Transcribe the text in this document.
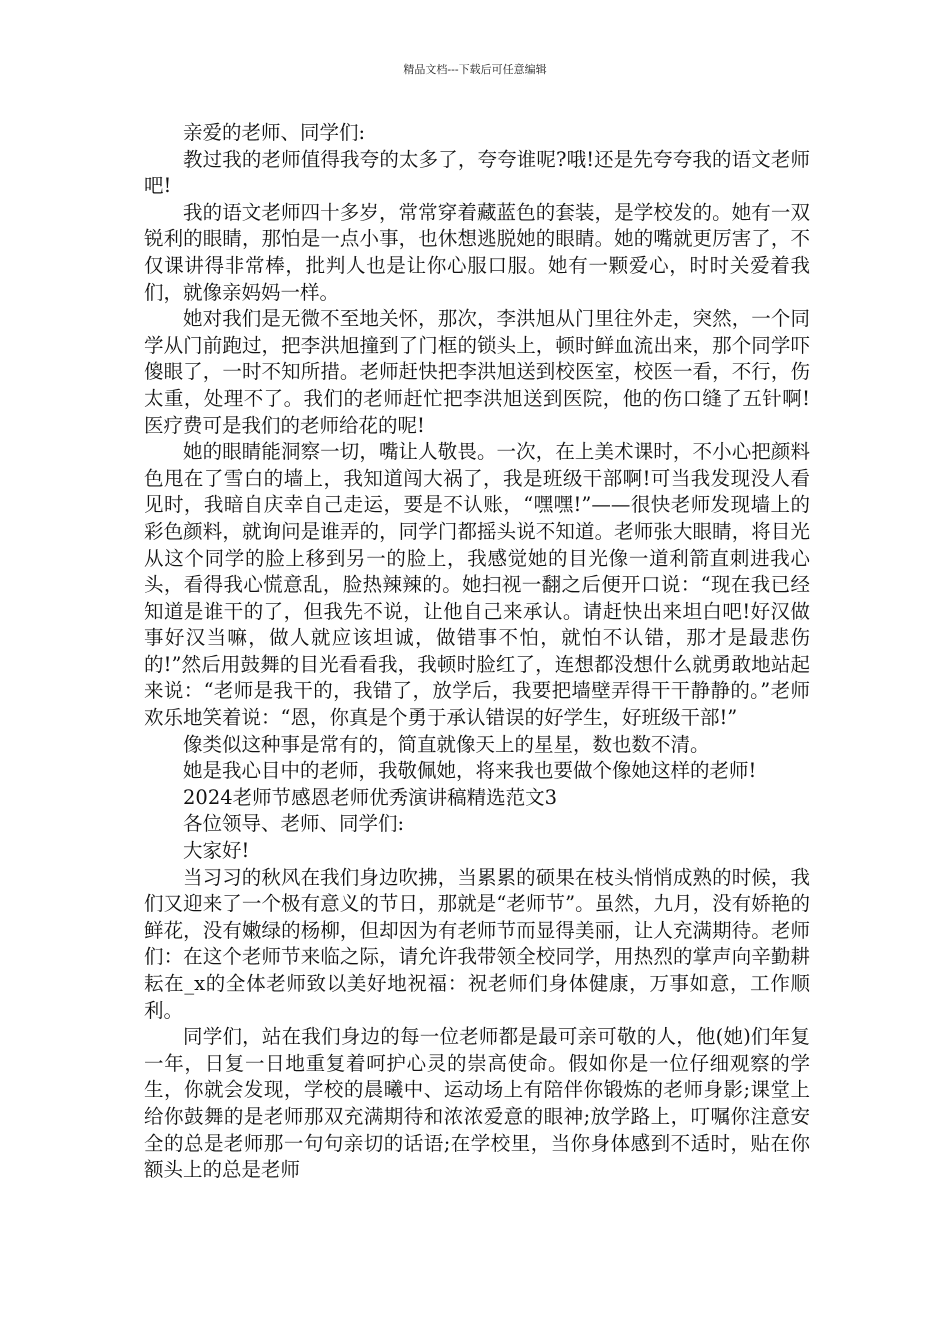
精品文档---下载后可任意编辑

亲爱的老师、同学们:

教过我的老师值得我夸的太多了，夸夸谁呢?哦!还是先夸夸我的语文老师吧!

我的语文老师四十多岁，常常穿着藏蓝色的套装，是学校发的。她有一双锐利的眼睛，那怕是一点小事，也休想逃脱她的眼睛。她的嘴就更厉害了，不仅课讲得非常棒，批判人也是让你心服口服。她有一颗爱心，时时关爱着我们，就像亲妈妈一样。

她对我们是无微不至地关怀，那次，李洪旭从门里往外走，突然，一个同学从门前跑过，把李洪旭撞到了门框的锁头上，顿时鲜血流出来，那个同学吓傻眼了，一时不知所措。老师赶快把李洪旭送到校医室，校医一看，不行，伤太重，处理不了。我们的老师赶忙把李洪旭送到医院，他的伤口缝了五针啊!医疗费可是我们的老师给花的呢!

她的眼睛能洞察一切，嘴让人敬畏。一次，在上美术课时，不小心把颜料色甩在了雪白的墙上，我知道闯大祸了，我是班级干部啊!可当我发现没人看见时，我暗自庆幸自己走运，要是不认账，“嘿嘿!”——很快老师发现墙上的彩色颜料，就询问是谁弄的，同学门都摇头说不知道。老师张大眼睛，将目光从这个同学的脸上移到另一的脸上，我感觉她的目光像一道利箭直刺进我心头，看得我心慌意乱，脸热辣辣的。她扫视一翻之后便开口说：“现在我已经知道是谁干的了，但我先不说，让他自己来承认。请赶快出来坦白吧!好汉做事好汉当嘛，做人就应该坦诚，做错事不怕，就怕不认错，那才是最悲伤的!”然后用鼓舞的目光看看我，我顿时脸红了，连想都没想什么就勇敢地站起来说：“老师是我干的，我错了，放学后，我要把墙壁弄得干干静静的。”老师欢乐地笑着说：“恩，你真是个勇于承认错误的好学生，好班级干部!”

像类似这种事是常有的，简直就像天上的星星，数也数不清。

她是我心目中的老师，我敬佩她，将来我也要做个像她这样的老师!

2024老师节感恩老师优秀演讲稿精选范文3

各位领导、老师、同学们:

大家好!

当习习的秋风在我们身边吹拂，当累累的硕果在枝头悄悄成熟的时候，我们又迎来了一个极有意义的节日，那就是“老师节”。虽然，九月，没有娇艳的鲜花，没有嫩绿的杨柳，但却因为有老师节而显得美丽，让人充满期待。老师们：在这个老师节来临之际，请允许我带领全校同学，用热烈的掌声向辛勤耕耘在_x的全体老师致以美好地祝福：祝老师们身体健康，万事如意，工作顺利。

同学们，站在我们身边的每一位老师都是最可亲可敬的人，他(她)们年复一年，日复一日地重复着呵护心灵的崇高使命。假如你是一位仔细观察的学生，你就会发现，学校的晨曦中、运动场上有陪伴你锻炼的老师身影;课堂上给你鼓舞的是老师那双充满期待和浓浓爱意的眼神;放学路上，叮嘱你注意安全的总是老师那一句句亲切的话语;在学校里，当你身体感到不适时，贴在你额头上的总是老师
